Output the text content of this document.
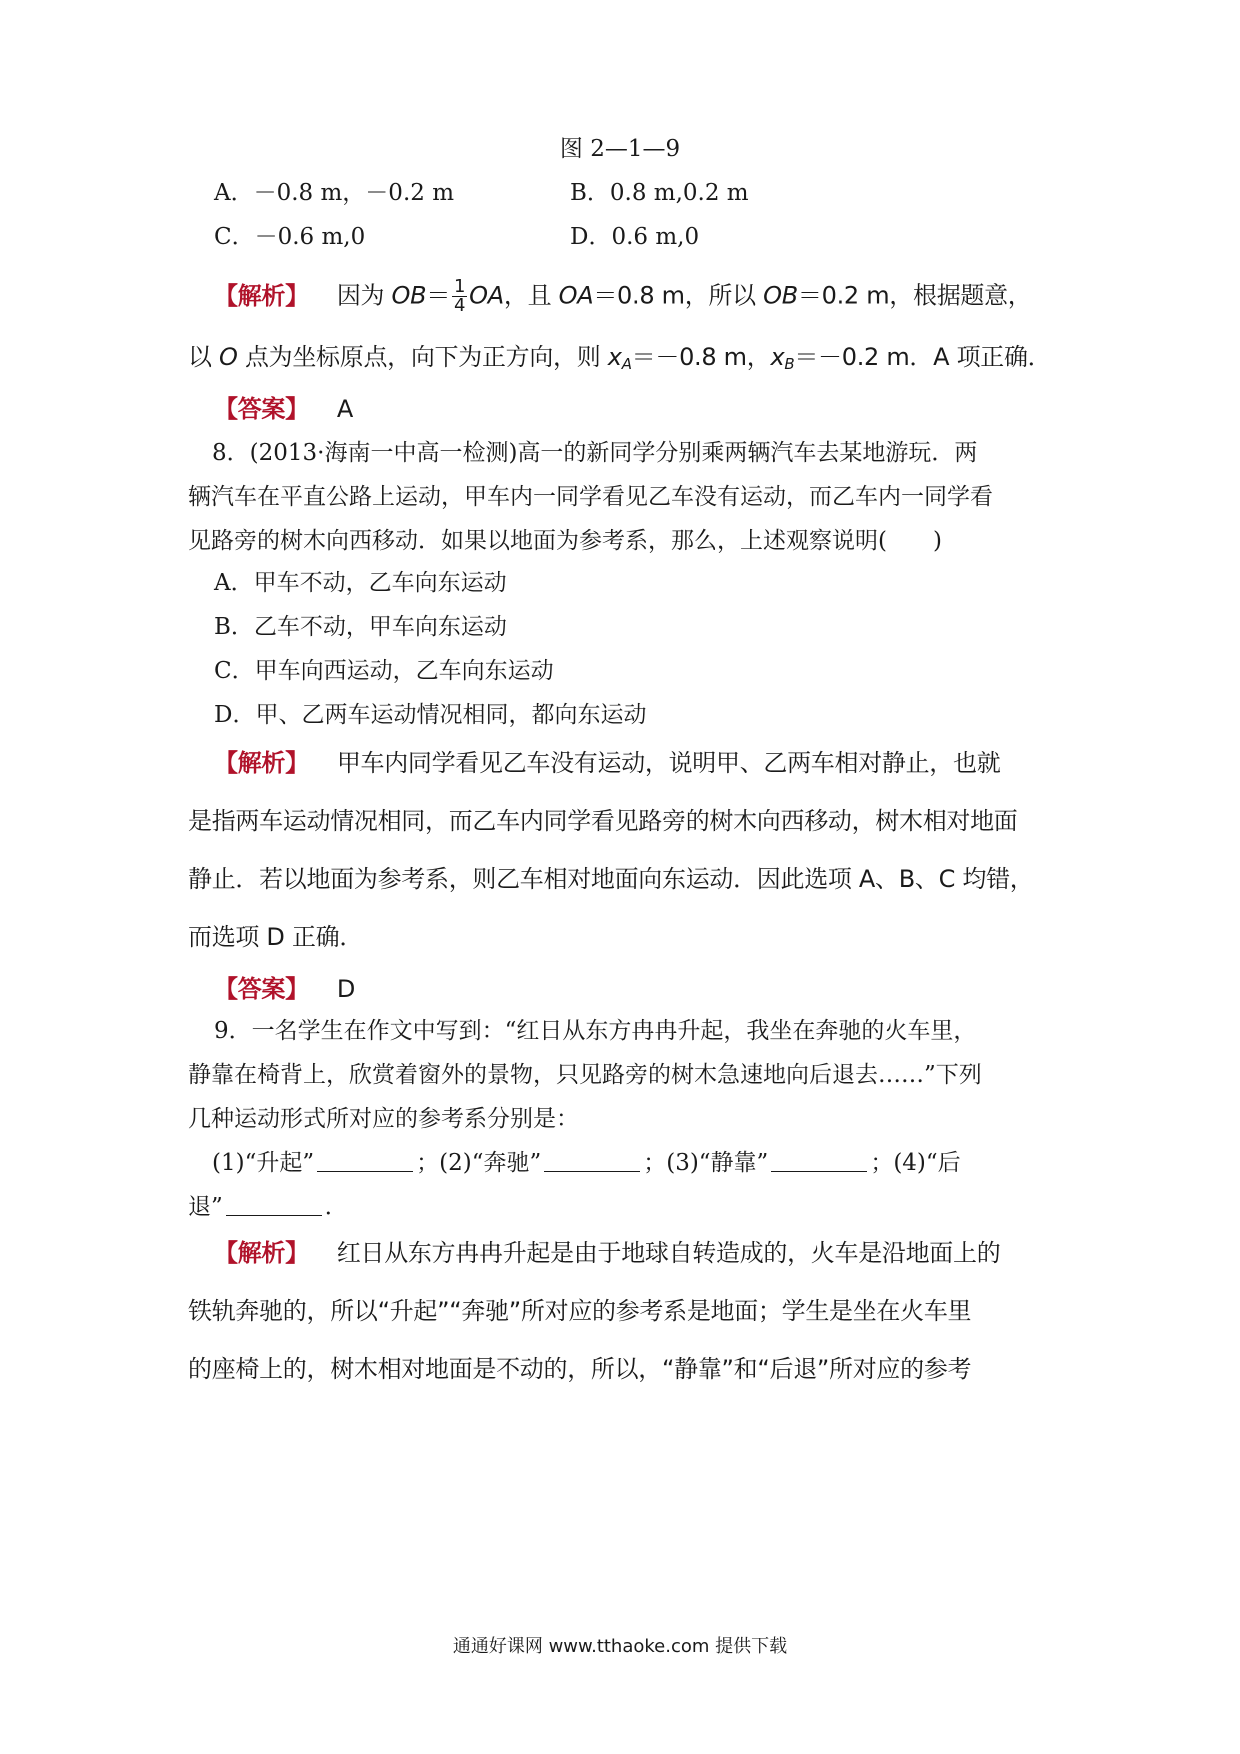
图 2—1—9
A．－0.8 m，－0.2 m	B．0.8 m,0.2 m
C．－0.6 m,0	D．0.6 m,0
【解析】 因为 $OB= \frac{1}{4}$ OA，且 OA＝0.8 m，所以 OB＝0.2 m，根据题意，
以 O 点为坐标原点，向下为正方向，则 $x_A=-0.8$ m，$x_B=-0.2$ m．A 项正确．
【答案】 A
8．(2013·海南一中高一检测)高一的新同学分别乘两辆汽车去某地游玩．两
辆汽车在平直公路上运动，甲车内一同学看见乙车没有运动，而乙车内一同学看
见路旁的树木向西移动．如果以地面为参考系，那么，上述观察说明(　　)
A．甲车不动，乙车向东运动
B．乙车不动，甲车向东运动
C．甲车向西运动，乙车向东运动
D．甲、乙两车运动情况相同，都向东运动
【解析】 甲车内同学看见乙车没有运动，说明甲、乙两车相对静止，也就
是指两车运动情况相同，而乙车内同学看见路旁的树木向西移动，树木相对地面
静止．若以地面为参考系，则乙车相对地面向东运动．因此选项 A、B、C 均错，
而选项 D 正确．
【答案】 D
9．一名学生在作文中写到：“红日从东方冉冉升起，我坐在奔驰的火车里，
静靠在椅背上，欣赏着窗外的景物，只见路旁的树木急速地向后退去……”下列
几种运动形式所对应的参考系分别是：
(1)“升起”	；(2)“奔驰”	；(3)“静靠”	；(4)“后
退”	．
【解析】 红日从东方冉冉升起是由于地球自转造成的，火车是沿地面上的
铁轨奔驰的，所以“升起”“奔驰”所对应的参考系是地面；学生是坐在火车里
的座椅上的，树木相对地面是不动的，所以，“静靠”和“后退”所对应的参考
通通好课网 www.tthaoke.com 提供下载
